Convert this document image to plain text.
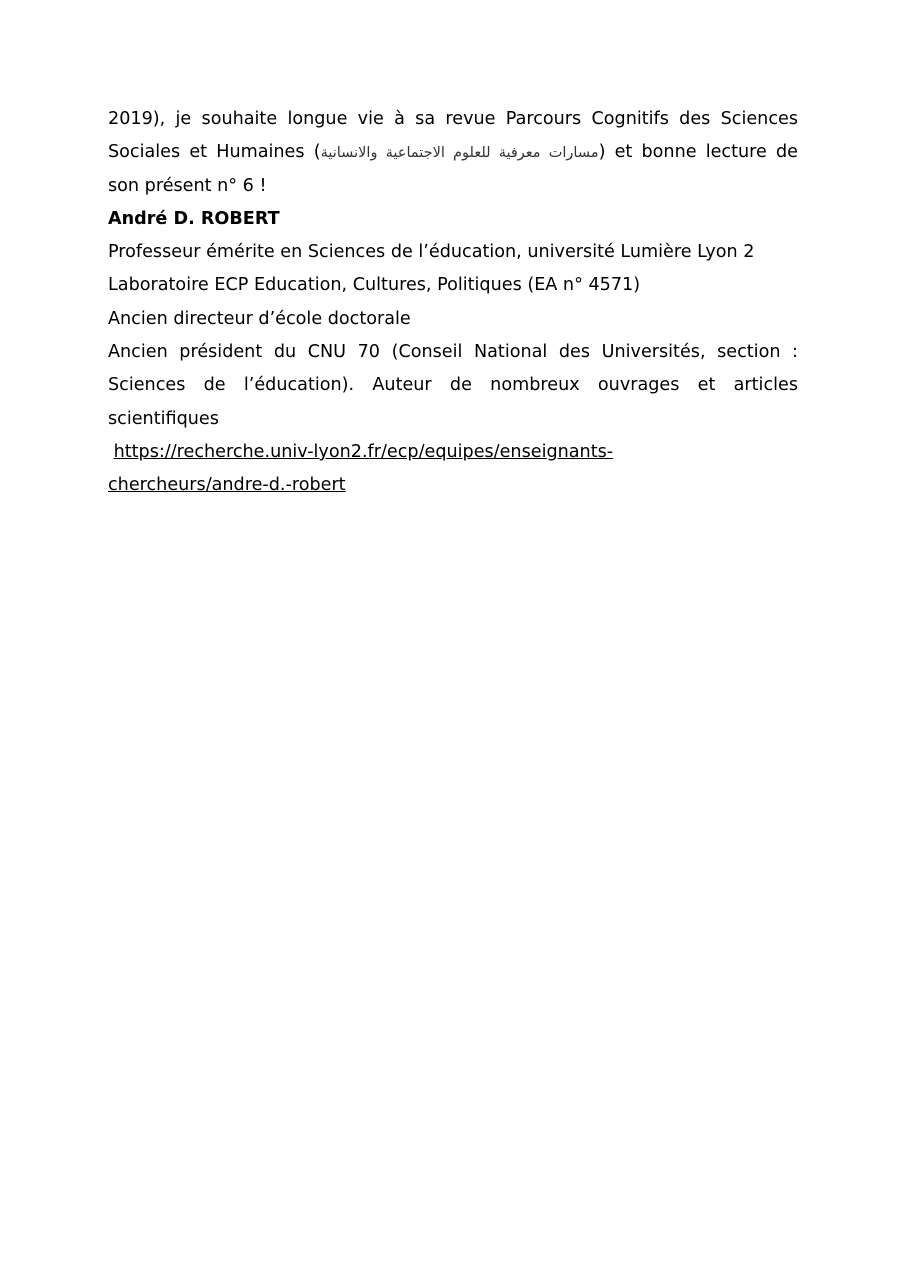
2019), je souhaite longue vie à sa revue Parcours Cognitifs des Sciences
Sociales et Humaines (مسارات معرفية للعلوم الاجتماعية والانسانية) et bonne lecture de
son présent n° 6 !
André D. ROBERT
Professeur émérite en Sciences de l’éducation, université Lumière Lyon 2
Laboratoire ECP Education, Cultures, Politiques (EA n° 4571)
Ancien directeur d’école doctorale
Ancien président du CNU 70 (Conseil National des Universités, section :
Sciences de l’éducation). Auteur de nombreux ouvrages et articles
scientifiques
https://recherche.univ-lyon2.fr/ecp/equipes/enseignants-
chercheurs/andre-d.-robert
